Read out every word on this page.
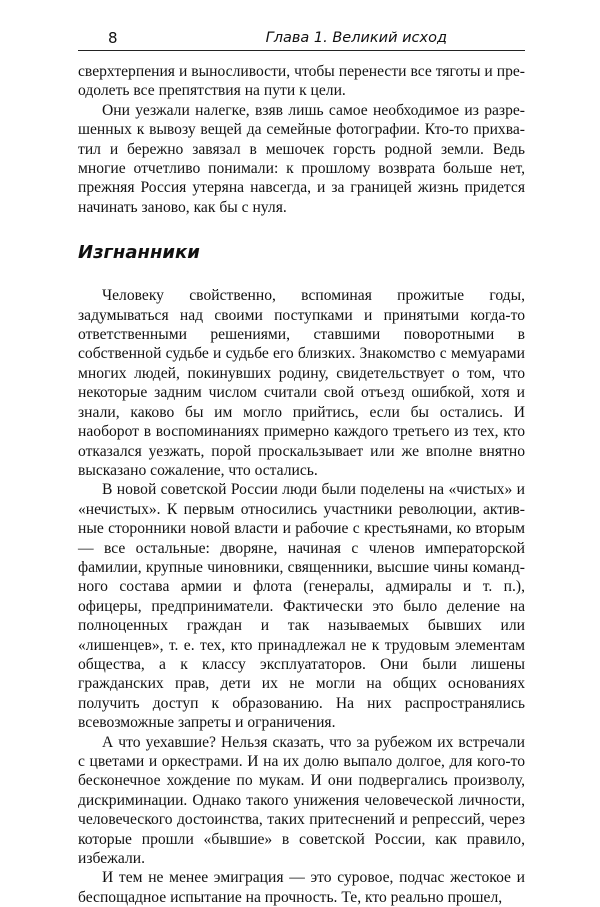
8	Глава 1. Великий исход

сверхтерпения и выносливости, чтобы перенести все тяготы и преодолеть все препятствия на пути к цели.

Они уезжали налегке, взяв лишь самое необходимое из разрешенных к вывозу вещей да семейные фотографии. Кто-то прихватил и бережно завязал в мешочек горсть родной земли. Ведь многие отчетливо понимали: к прошлому возврата больше нет, прежняя Россия утеряна навсегда, и за границей жизнь придется начинать заново, как бы с нуля.

Изгнанники

Человеку свойственно, вспоминая прожитые годы, задумываться над своими поступками и принятыми когда-то ответственными решениями, ставшими поворотными в собственной судьбе и судьбе его близких. Знакомство с мемуарами многих людей, покинувших родину, свидетельствует о том, что некоторые задним числом считали свой отъезд ошибкой, хотя и знали, каково бы им могло прийтись, если бы остались. И наоборот в воспоминаниях примерно каждого третьего из тех, кто отказался уезжать, порой проскальзывает или же вполне внятно высказано сожаление, что остались.

В новой советской России люди были поделены на «чистых» и «нечистых». К первым относились участники революции, активные сторонники новой власти и рабочие с крестьянами, ко вторым — все остальные: дворяне, начиная с членов императорской фамилии, крупные чиновники, священники, высшие чины командного состава армии и флота (генералы, адмиралы и т. п.), офицеры, предприниматели. Фактически это было деление на полноценных граждан и так называемых бывших или «лишенцев», т. е. тех, кто принадлежал не к трудовым элементам общества, а к классу эксплуататоров. Они были лишены гражданских прав, дети их не могли на общих основаниях получить доступ к образованию. На них распространялись всевозможные запреты и ограничения.

А что уехавшие? Нельзя сказать, что за рубежом их встречали с цветами и оркестрами. И на их долю выпало долгое, для кого-то бесконечное хождение по мукам. И они подвергались произволу, дискриминации. Однако такого унижения человеческой личности, человеческого достоинства, таких притеснений и репрессий, через которые прошли «бывшие» в советской России, как правило, избежали.

И тем не менее эмиграция — это суровое, подчас жестокое и беспощадное испытание на прочность. Те, кто реально прошел,
